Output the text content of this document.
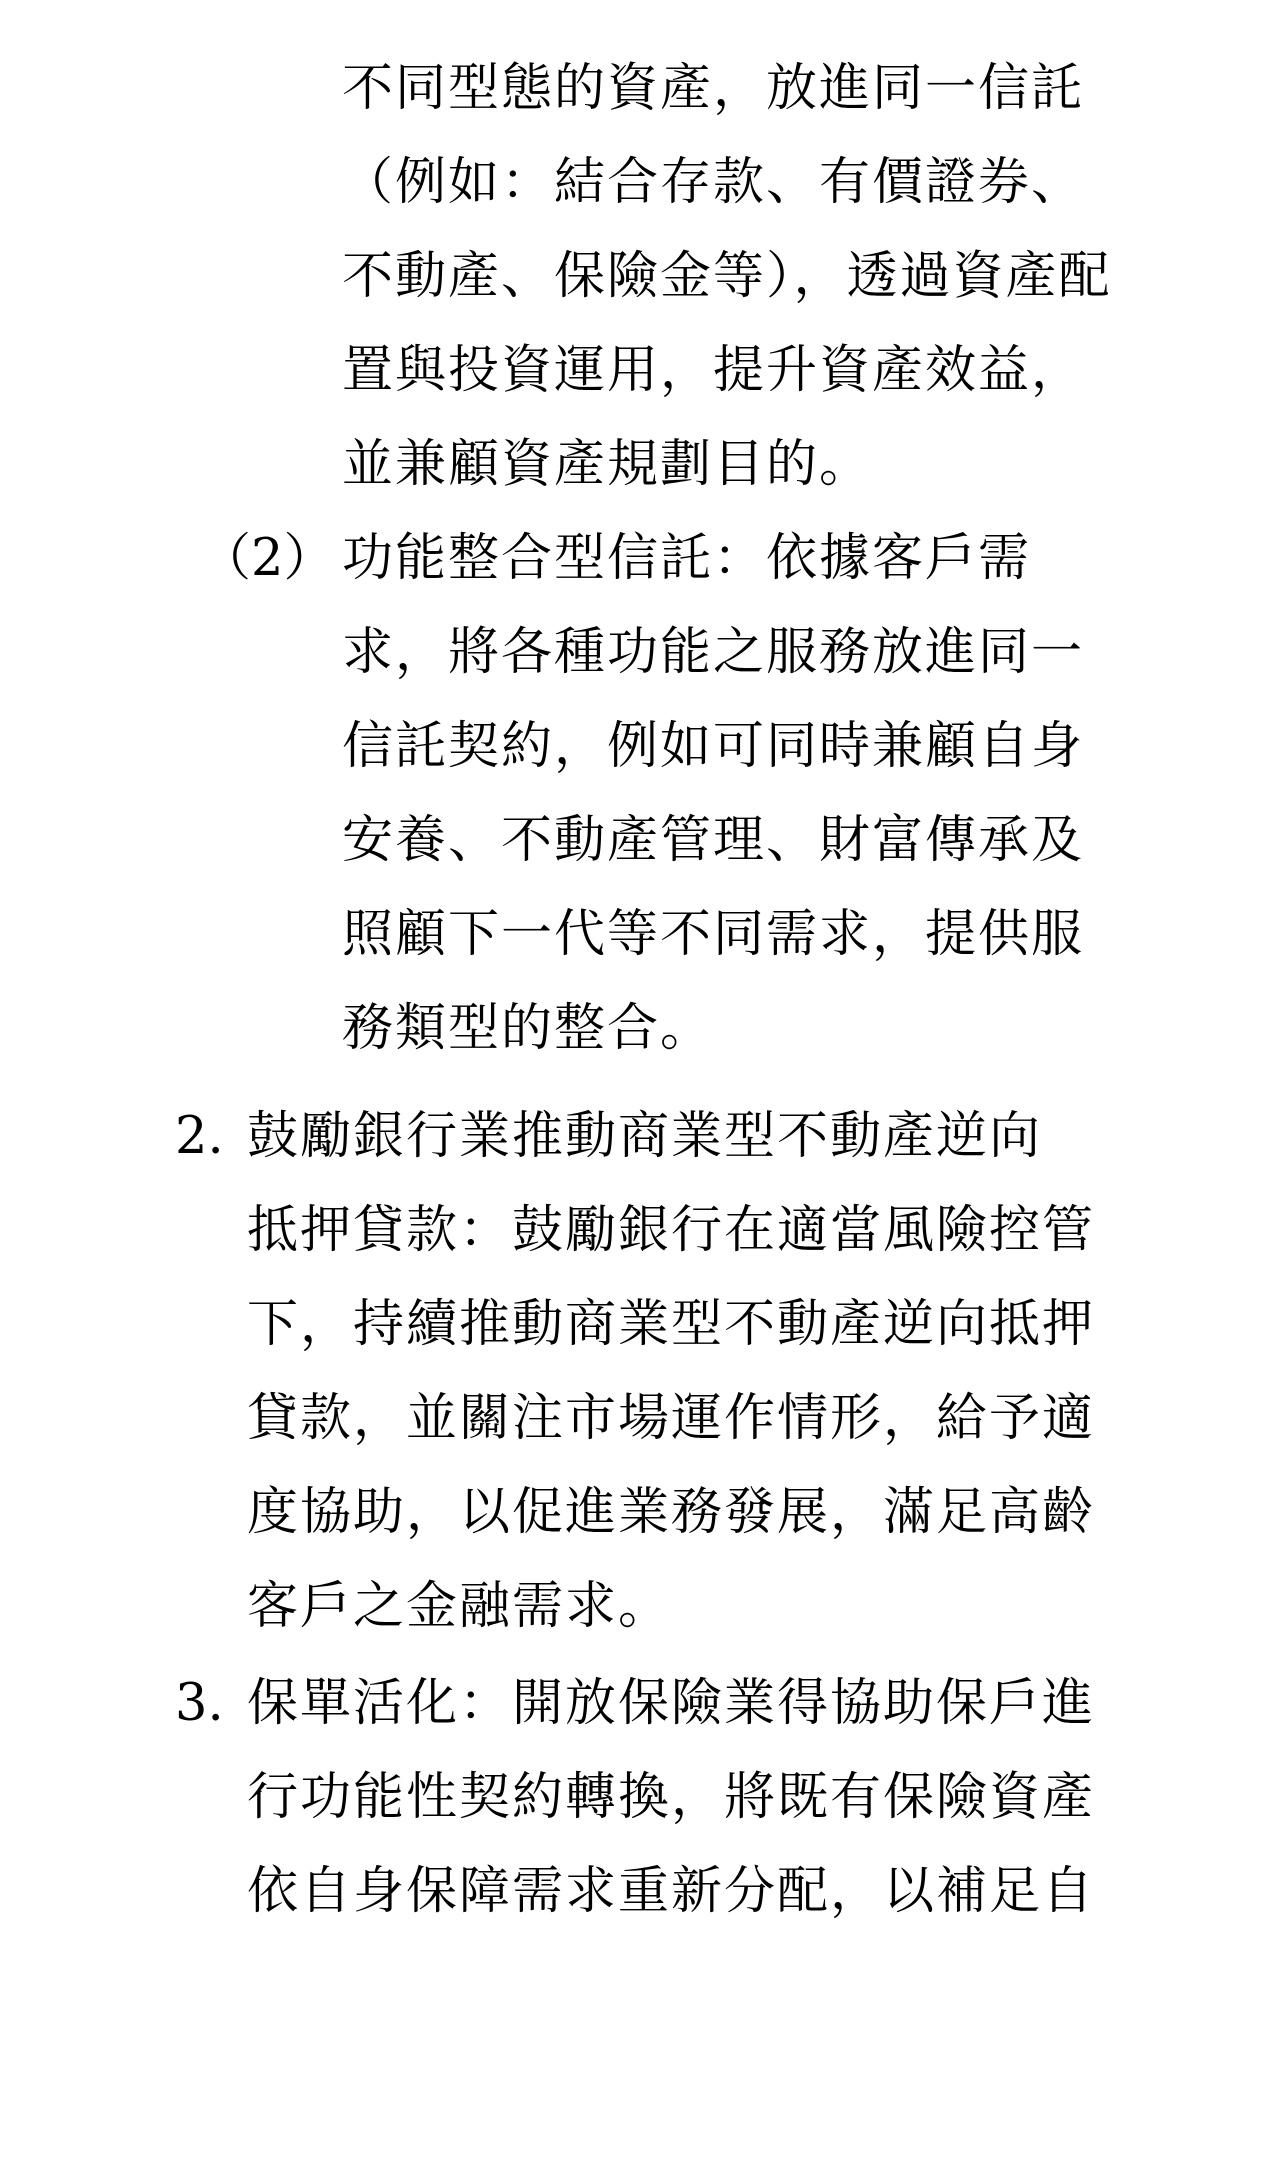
不同型態的資產，放進同一信託
（例如：結合存款、有價證券、
不動產、保險金等），透過資產配
置與投資運用，提升資產效益，
並兼顧資產規劃目的。
（2） 功能整合型信託：依據客戶需
求，將各種功能之服務放進同一
信託契約，例如可同時兼顧自身
安養、不動產管理、財富傳承及
照顧下一代等不同需求，提供服
務類型的整合。
2. 鼓勵銀行業推動商業型不動產逆向
抵押貸款：鼓勵銀行在適當風險控管
下，持續推動商業型不動產逆向抵押
貸款，並關注市場運作情形，給予適
度協助，以促進業務發展，滿足高齡
客戶之金融需求。
3. 保單活化：開放保險業得協助保戶進
行功能性契約轉換，將既有保險資產
依自身保障需求重新分配，以補足自
